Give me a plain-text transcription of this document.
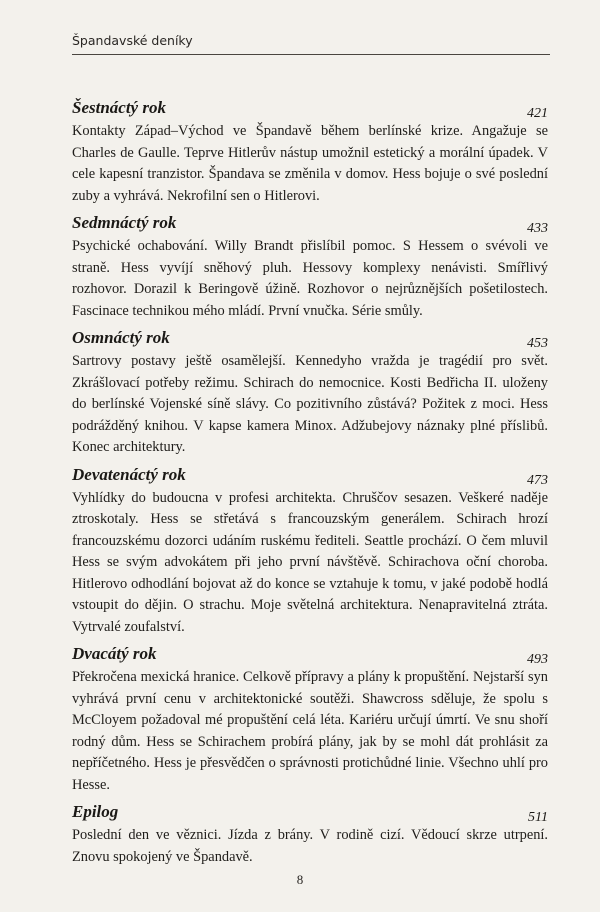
Špandavské deníky
Šestnáctý rok	421
Kontakty Západ–Východ ve Špandavě během berlínské krize. Angažuje se Charles de Gaulle. Teprve Hitlerův nástup umožnil estetický a morální úpadek. V cele kapesní tranzistor. Špandava se změnila v domov. Hess bojuje o své poslední zuby a vyhrává. Nekrofilní sen o Hitlerovi.
Sedmnáctý rok	433
Psychické ochabování. Willy Brandt přislíbil pomoc. S Hessem o svévoli ve straně. Hess vyvíjí sněhový pluh. Hessovy komplexy nenávisti. Smířlivý rozhovor. Dorazil k Beringově úžině. Rozhovor o nejrůznějších pošetilostech. Fascinace technikou mého mládí. První vnučka. Série smůly.
Osmnáctý rok	453
Sartrovy postavy ještě osamělejší. Kennedyho vražda je tragédií pro svět. Zkrášlovací potřeby režimu. Schirach do nemocnice. Kosti Bedřicha II. uloženy do berlínské Vojenské síně slávy. Co pozitivního zůstává? Požitek z moci. Hess podrážděný knihou. V kapse kamera Minox. Adžubejovy náznaky plné příslibů. Konec architektury.
Devatenáctý rok	473
Vyhlídky do budoucna v profesi architekta. Chruščov sesazen. Veškeré naděje ztroskotaly. Hess se střetává s francouzským generálem. Schirach hrozí francouzskému dozorci udáním ruskému řediteli. Seattle prochází. O čem mluvil Hess se svým advokátem při jeho první návštěvě. Schirachova oční choroba. Hitlerovo odhodlání bojovat až do konce se vztahuje k tomu, v jaké podobě hodlá vstoupit do dějin. O strachu. Moje světelná architektura. Nenapravitelná ztráta. Vytrvalé zoufalství.
Dvacátý rok	493
Překročena mexická hranice. Celkově přípravy a plány k propuštění. Nejstarší syn vyhrává první cenu v architektonické soutěži. Shawcross sděluje, že spolu s McCloyem požadoval mé propuštění celá léta. Kariéru určují úmrtí. Ve snu shoří rodný dům. Hess se Schirachem probírá plány, jak by se mohl dát prohlásit za nepříčetného. Hess je přesvědčen o správnosti protichůdné linie. Všechno uhlí pro Hesse.
Epilog	511
Poslední den ve věznici. Jízda z brány. V rodině cizí. Vědoucí skrze utrpení. Znovu spokojený ve Špandavě.
8
